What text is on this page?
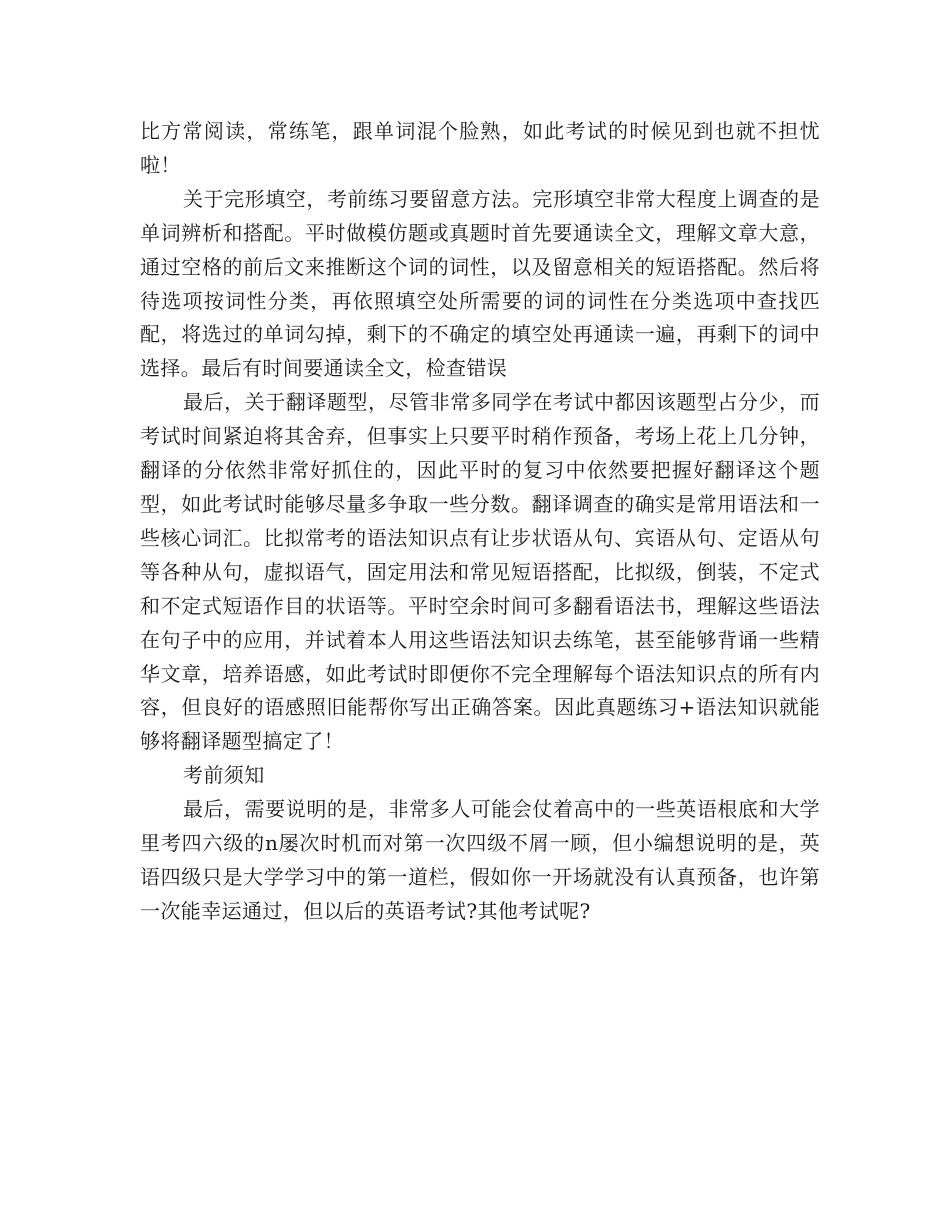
比方常阅读，常练笔，跟单词混个脸熟，如此考试的时候见到也就不担忧啦！

关于完形填空，考前练习要留意方法。完形填空非常大程度上调查的是单词辨析和搭配。平时做模仿题或真题时首先要通读全文，理解文章大意，通过空格的前后文来推断这个词的词性，以及留意相关的短语搭配。然后将待选项按词性分类，再依照填空处所需要的词的词性在分类选项中查找匹配，将选过的单词勾掉，剩下的不确定的填空处再通读一遍，再剩下的词中选择。最后有时间要通读全文，检查错误

最后，关于翻译题型，尽管非常多同学在考试中都因该题型占分少，而考试时间紧迫将其舍弃，但事实上只要平时稍作预备，考场上花上几分钟，翻译的分依然非常好抓住的，因此平时的复习中依然要把握好翻译这个题型，如此考试时能够尽量多争取一些分数。翻译调查的确实是常用语法和一些核心词汇。比拟常考的语法知识点有让步状语从句、宾语从句、定语从句等各种从句，虚拟语气，固定用法和常见短语搭配，比拟级，倒装，不定式和不定式短语作目的状语等。平时空余时间可多翻看语法书，理解这些语法在句子中的应用，并试着本人用这些语法知识去练笔，甚至能够背诵一些精华文章，培养语感，如此考试时即便你不完全理解每个语法知识点的所有内容，但良好的语感照旧能帮你写出正确答案。因此真题练习+语法知识就能够将翻译题型搞定了！

考前须知

最后，需要说明的是，非常多人可能会仗着高中的一些英语根底和大学里考四六级的n屡次时机而对第一次四级不屑一顾，但小编想说明的是，英语四级只是大学学习中的第一道栏，假如你一开场就没有认真预备，也许第一次能幸运通过，但以后的英语考试?其他考试呢?
